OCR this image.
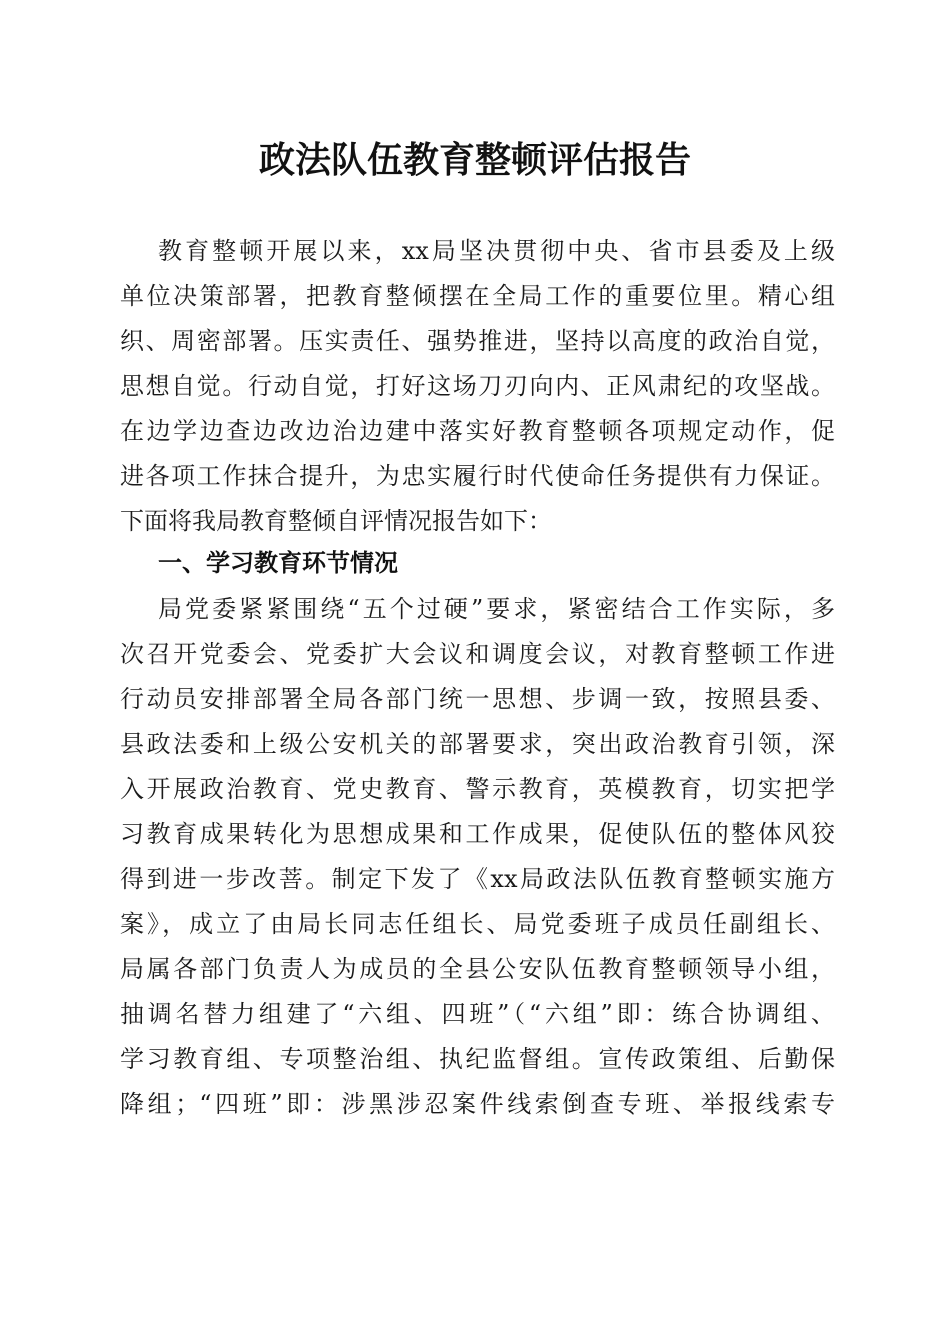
政法队伍教育整顿评估报告
教育整顿开展以来，xx局坚决贯彻中央、省市县委及上级
单位决策部署，把教育整倾摆在全局工作的重要位里。精心组
织、周密部署。压实责任、强势推进，坚持以高度的政治自觉，
思想自觉。行动自觉，打好这场刀刃向内、正风肃纪的攻坚战。
在边学边查边改边治边建中落实好教育整顿各项规定动作，促
进各项工作抹合提升，为忠实履行时代使命任务提供有力保证。
下面将我局教育整倾自评情况报告如下：
一、学习教育环节情况
局党委紧紧围绕“五个过硬”要求，紧密结合工作实际，多
次召开党委会、党委扩大会议和调度会议，对教育整顿工作进
行动员安排部署全局各部门统一思想、步调一致，按照县委、
县政法委和上级公安机关的部署要求，突出政治教育引领，深
入开展政治教育、党史教育、警示教育，英模教育，切实把学
习教育成果转化为思想成果和工作成果，促使队伍的整体风狡
得到进一步改菩。制定下发了《xx局政法队伍教育整顿实施方
案》，成立了由局长同志任组长、局党委班子成员任副组长、
局属各部门负责人为成员的全县公安队伍教育整顿领导小组，
抽调名替力组建了“六组、四班”（“六组”即：练合协调组、
学习教育组、专项整治组、执纪监督组。宣传政策组、后勤保
降组；“四班”即：涉黑涉忍案件线索倒查专班、举报线索专
